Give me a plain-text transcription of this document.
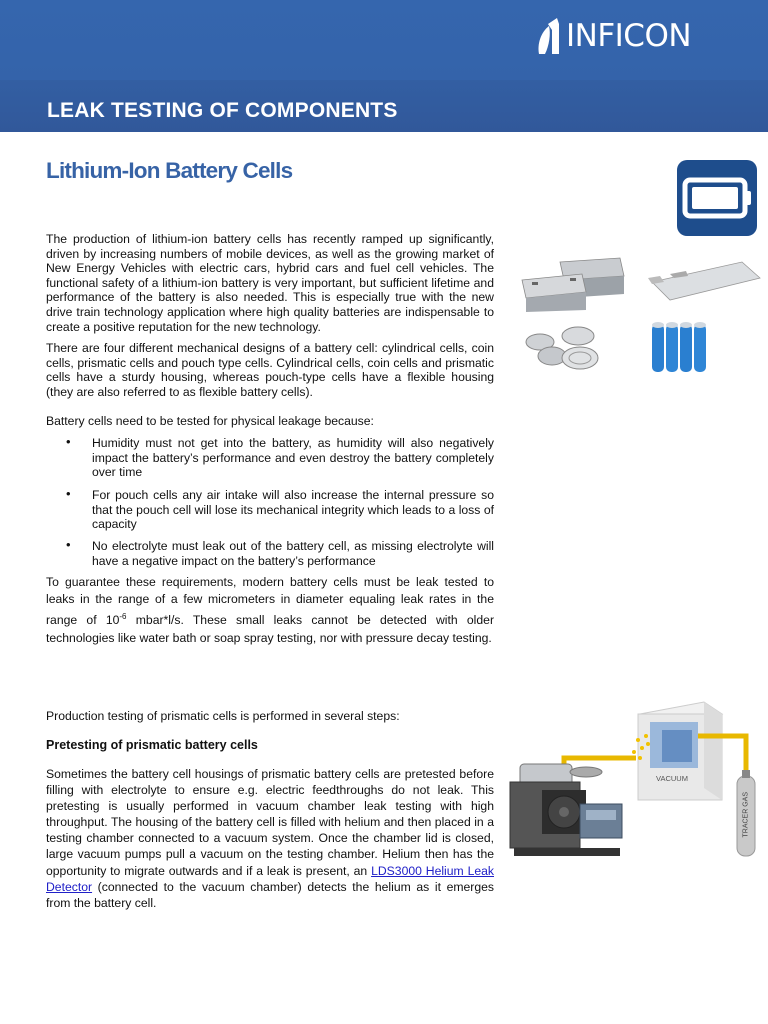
INFICON
LEAK TESTING OF COMPONENTS
Lithium-Ion Battery Cells

The production of lithium-ion battery cells has recently ramped up significantly, driven by increasing numbers of mobile devices, as well as the growing market of New Energy Vehicles with electric cars, hybrid cars and fuel cell vehicles. The functional safety of a lithium-ion battery is very important, but sufficient lifetime and performance of the battery is also needed. This is especially true with the new drive train technology application where high quality batteries are indispensable to create a positive reputation for the new technology.

There are four different mechanical designs of a battery cell: cylindrical cells, coin cells, prismatic cells and pouch type cells. Cylindrical cells, coin cells and prismatic cells have a sturdy housing, whereas pouch-type cells have a flexible housing (they are also referred to as flexible battery cells).

Battery cells need to be tested for physical leakage because:

• Humidity must not get into the battery, as humidity will also negatively impact the battery’s performance and even destroy the battery completely over time
• For pouch cells any air intake will also increase the internal pressure so that the pouch cell will lose its mechanical integrity which leads to a loss of capacity
• No electrolyte must leak out of the battery cell, as missing electrolyte will have a negative impact on the battery’s performance

To guarantee these requirements, modern battery cells must be leak tested to leaks in the range of a few micrometers in diameter equaling leak rates in the range of $10^{-6}$ mbar*l/s. These small leaks cannot be detected with older technologies like water bath or soap spray testing, nor with pressure decay testing.

Production testing of prismatic cells is performed in several steps:

Pretesting of prismatic battery cells

Sometimes the battery cell housings of prismatic battery cells are pretested before filling with electrolyte to ensure e.g. electric feedthroughs do not leak. This pretesting is usually performed in vacuum chamber leak testing with high throughput. The housing of the battery cell is filled with helium and then placed in a testing chamber connected to a vacuum system. Once the chamber lid is closed, large vacuum pumps pull a vacuum on the testing chamber. Helium then has the opportunity to migrate outwards and if a leak is present, an LDS3000 Helium Leak Detector (connected to the vacuum chamber) detects the helium as it emerges from the battery cell.

VACUUM
TRACER GAS
